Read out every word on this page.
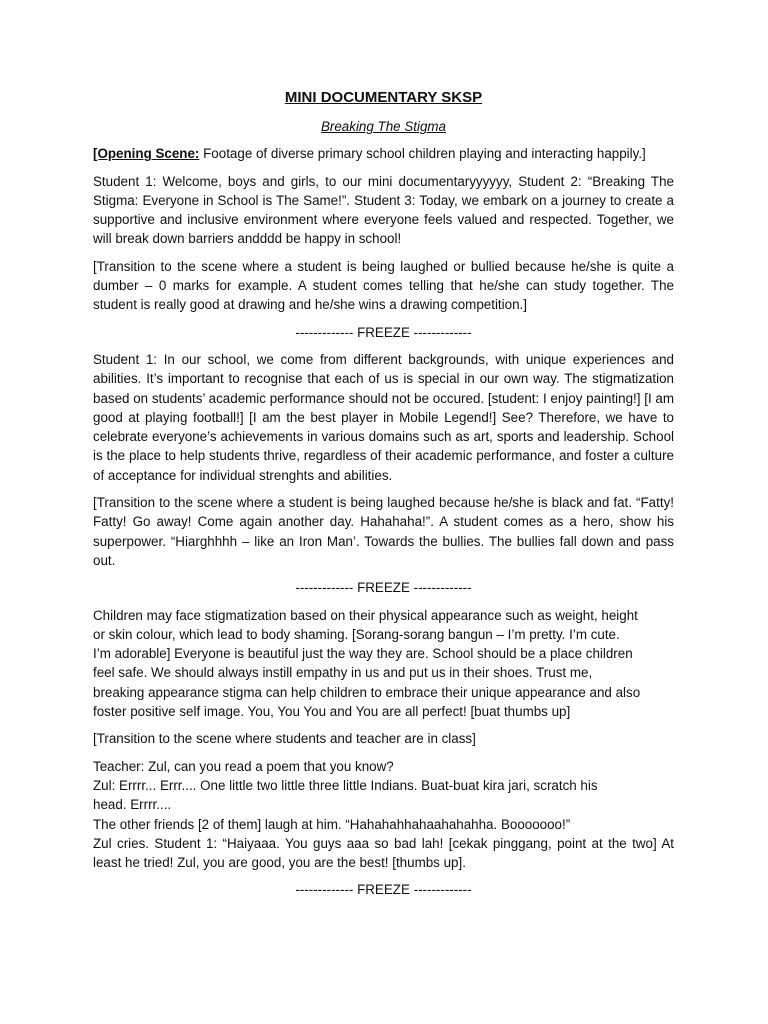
MINI DOCUMENTARY SKSP
Breaking The Stigma

[Opening Scene: Footage of diverse primary school children playing and interacting happily.]

Student 1: Welcome, boys and girls, to our mini documentaryyyyyy, Student 2: “Breaking The Stigma: Everyone in School is The Same!”. Student 3: Today, we embark on a journey to create a supportive and inclusive environment where everyone feels valued and respected. Together, we will break down barriers andddd be happy in school!

[Transition to the scene where a student is being laughed or bullied because he/she is quite a dumber – 0 marks for example. A student comes telling that he/she can study together. The student is really good at drawing and he/she wins a drawing competition.]

------------- FREEZE -------------

Student 1: In our school, we come from different backgrounds, with unique experiences and abilities. It’s important to recognise that each of us is special in our own way. The stigmatization based on students’ academic performance should not be occured. [student: I enjoy painting!] [I am good at playing football!] [I am the best player in Mobile Legend!] See? Therefore, we have to celebrate everyone’s achievements in various domains such as art, sports and leadership. School is the place to help students thrive, regardless of their academic performance, and foster a culture of acceptance for individual strenghts and abilities.

[Transition to the scene where a student is being laughed because he/she is black and fat. “Fatty! Fatty! Go away! Come again another day. Hahahaha!”. A student comes as a hero, show his superpower. “Hiarghhhh – like an Iron Man’. Towards the bullies. The bullies fall down and pass out.

------------- FREEZE -------------

Children may face stigmatization based on their physical appearance such as weight, height

or skin colour, which lead to body shaming. [Sorang-sorang bangun – I’m pretty. I’m cute.

I’m adorable] Everyone is beautiful just the way they are. School should be a place children

feel safe. We should always instill empathy in us and put us in their shoes. Trust me,

breaking appearance stigma can help children to embrace their unique appearance and also

foster positive self image. You, You You and You are all perfect! [buat thumbs up]

[Transition to the scene where students and teacher are in class]

Teacher: Zul, can you read a poem that you know?

Zul: Errrr... Errr.... One little two little three little Indians. Buat-buat kira jari, scratch his

head. Errrr....

The other friends [2 of them] laugh at him. “Hahahahhahaahahahha. Booooooo!”

Zul cries. Student 1: “Haiyaaa. You guys aaa so bad lah! [cekak pinggang, point at the two] At least he tried! Zul, you are good, you are the best! [thumbs up].

------------- FREEZE -------------
